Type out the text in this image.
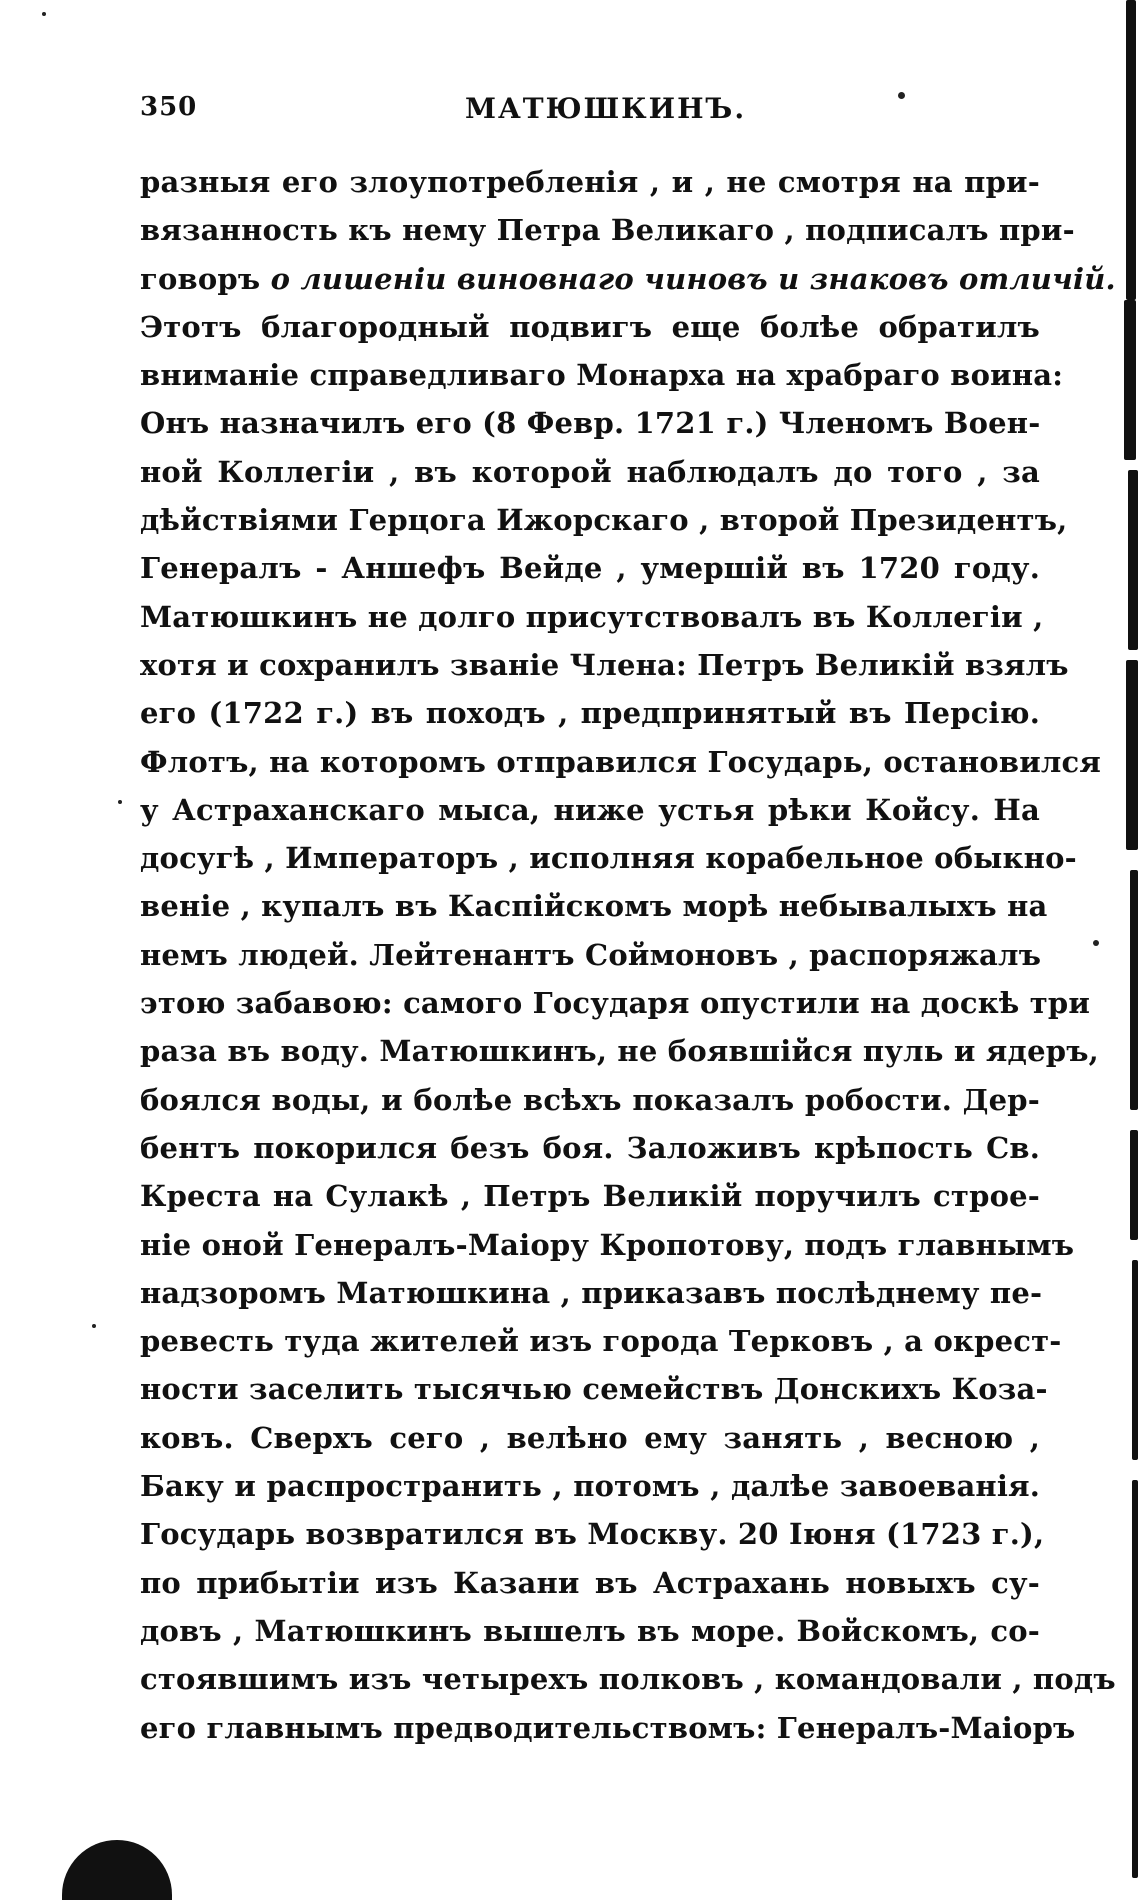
350	МАТЮШКИНЪ.
разныя его злоупотребленія , и , не смотря на при-
вязанность къ нему Петра Великаго , подписалъ при-
говоръ о лишеніи виновнаго чиновъ и знаковъ отличій.
Этотъ благородный подвигъ еще болѣе обратилъ
вниманіе справедливаго Монарха на храбраго воина:
Онъ назначилъ его (8 Февр. 1721 г.) Членомъ Воен-
ной Коллегіи , въ которой наблюдалъ до того , за
дѣйствіями Герцога Ижорскаго , второй Президентъ,
Генералъ - Аншефъ Вейде , умершій въ 1720 году.
Матюшкинъ не долго присутствовалъ въ Коллегіи ,
хотя и сохранилъ званіе Члена: Петръ Великій взялъ
его (1722 г.) въ походъ , предпринятый въ Персію.
Флотъ, на которомъ отправился Государь, остановился
у Астраханскаго мыса, ниже устья рѣки Койсу. На
досугѣ , Императоръ , исполняя корабельное обыкно-
веніе , купалъ въ Каспійскомъ морѣ небывалыхъ на
немъ людей. Лейтенантъ Соймоновъ , распоряжалъ
этою забавою: самого Государя опустили на доскѣ три
раза въ воду. Матюшкинъ, не боявшійся пуль и ядеръ,
боялся воды, и болѣе всѣхъ показалъ робости. Дер-
бентъ покорился безъ боя. Заложивъ крѣпость Св.
Креста на Сулакѣ , Петръ Великій поручилъ строе-
ніе оной Генералъ-Маіору Кропотову, подъ главнымъ
надзоромъ Матюшкина , приказавъ послѣднему пе-
ревесть туда жителей изъ города Терковъ , а окрест-
ности заселить тысячью семействъ Донскихъ Коза-
ковъ. Сверхъ сего , велѣно ему занять , весною ,
Баку и распространить , потомъ , далѣе завоеванія.
Государь возвратился въ Москву. 20 Іюня (1723 г.),
по прибытіи изъ Казани въ Астрахань новыхъ су-
довъ , Матюшкинъ вышелъ въ море. Войскомъ, со-
стоявшимъ изъ четырехъ полковъ , командовали , подъ
его главнымъ предводительствомъ: Генералъ-Маіоръ
